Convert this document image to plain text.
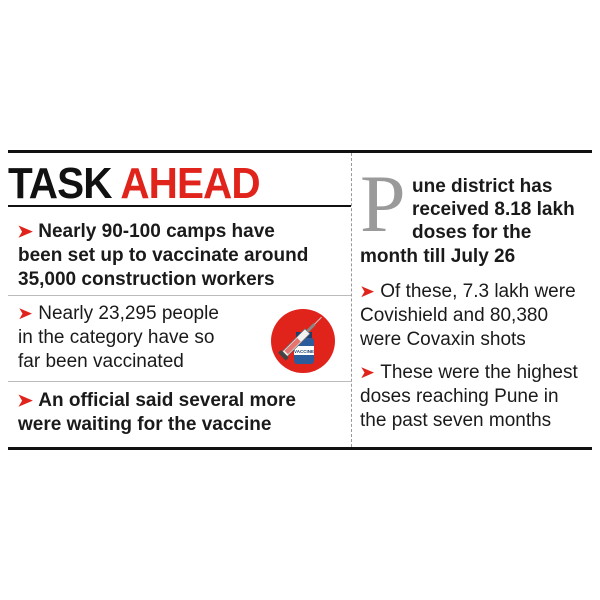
TASK AHEAD
➤ Nearly 90-100 camps have
been set up to vaccinate around
35,000 construction workers
➤ Nearly 23,295 people
in the category have so
far been vaccinated	VACCINE
➤ An official said several more
were waiting for the vaccine
P une district has
received 8.18 lakh
doses for the
month till July 26
➤ Of these, 7.3 lakh were
Covishield and 80,380
were Covaxin shots
➤ These were the highest
doses reaching Pune in
the past seven months
